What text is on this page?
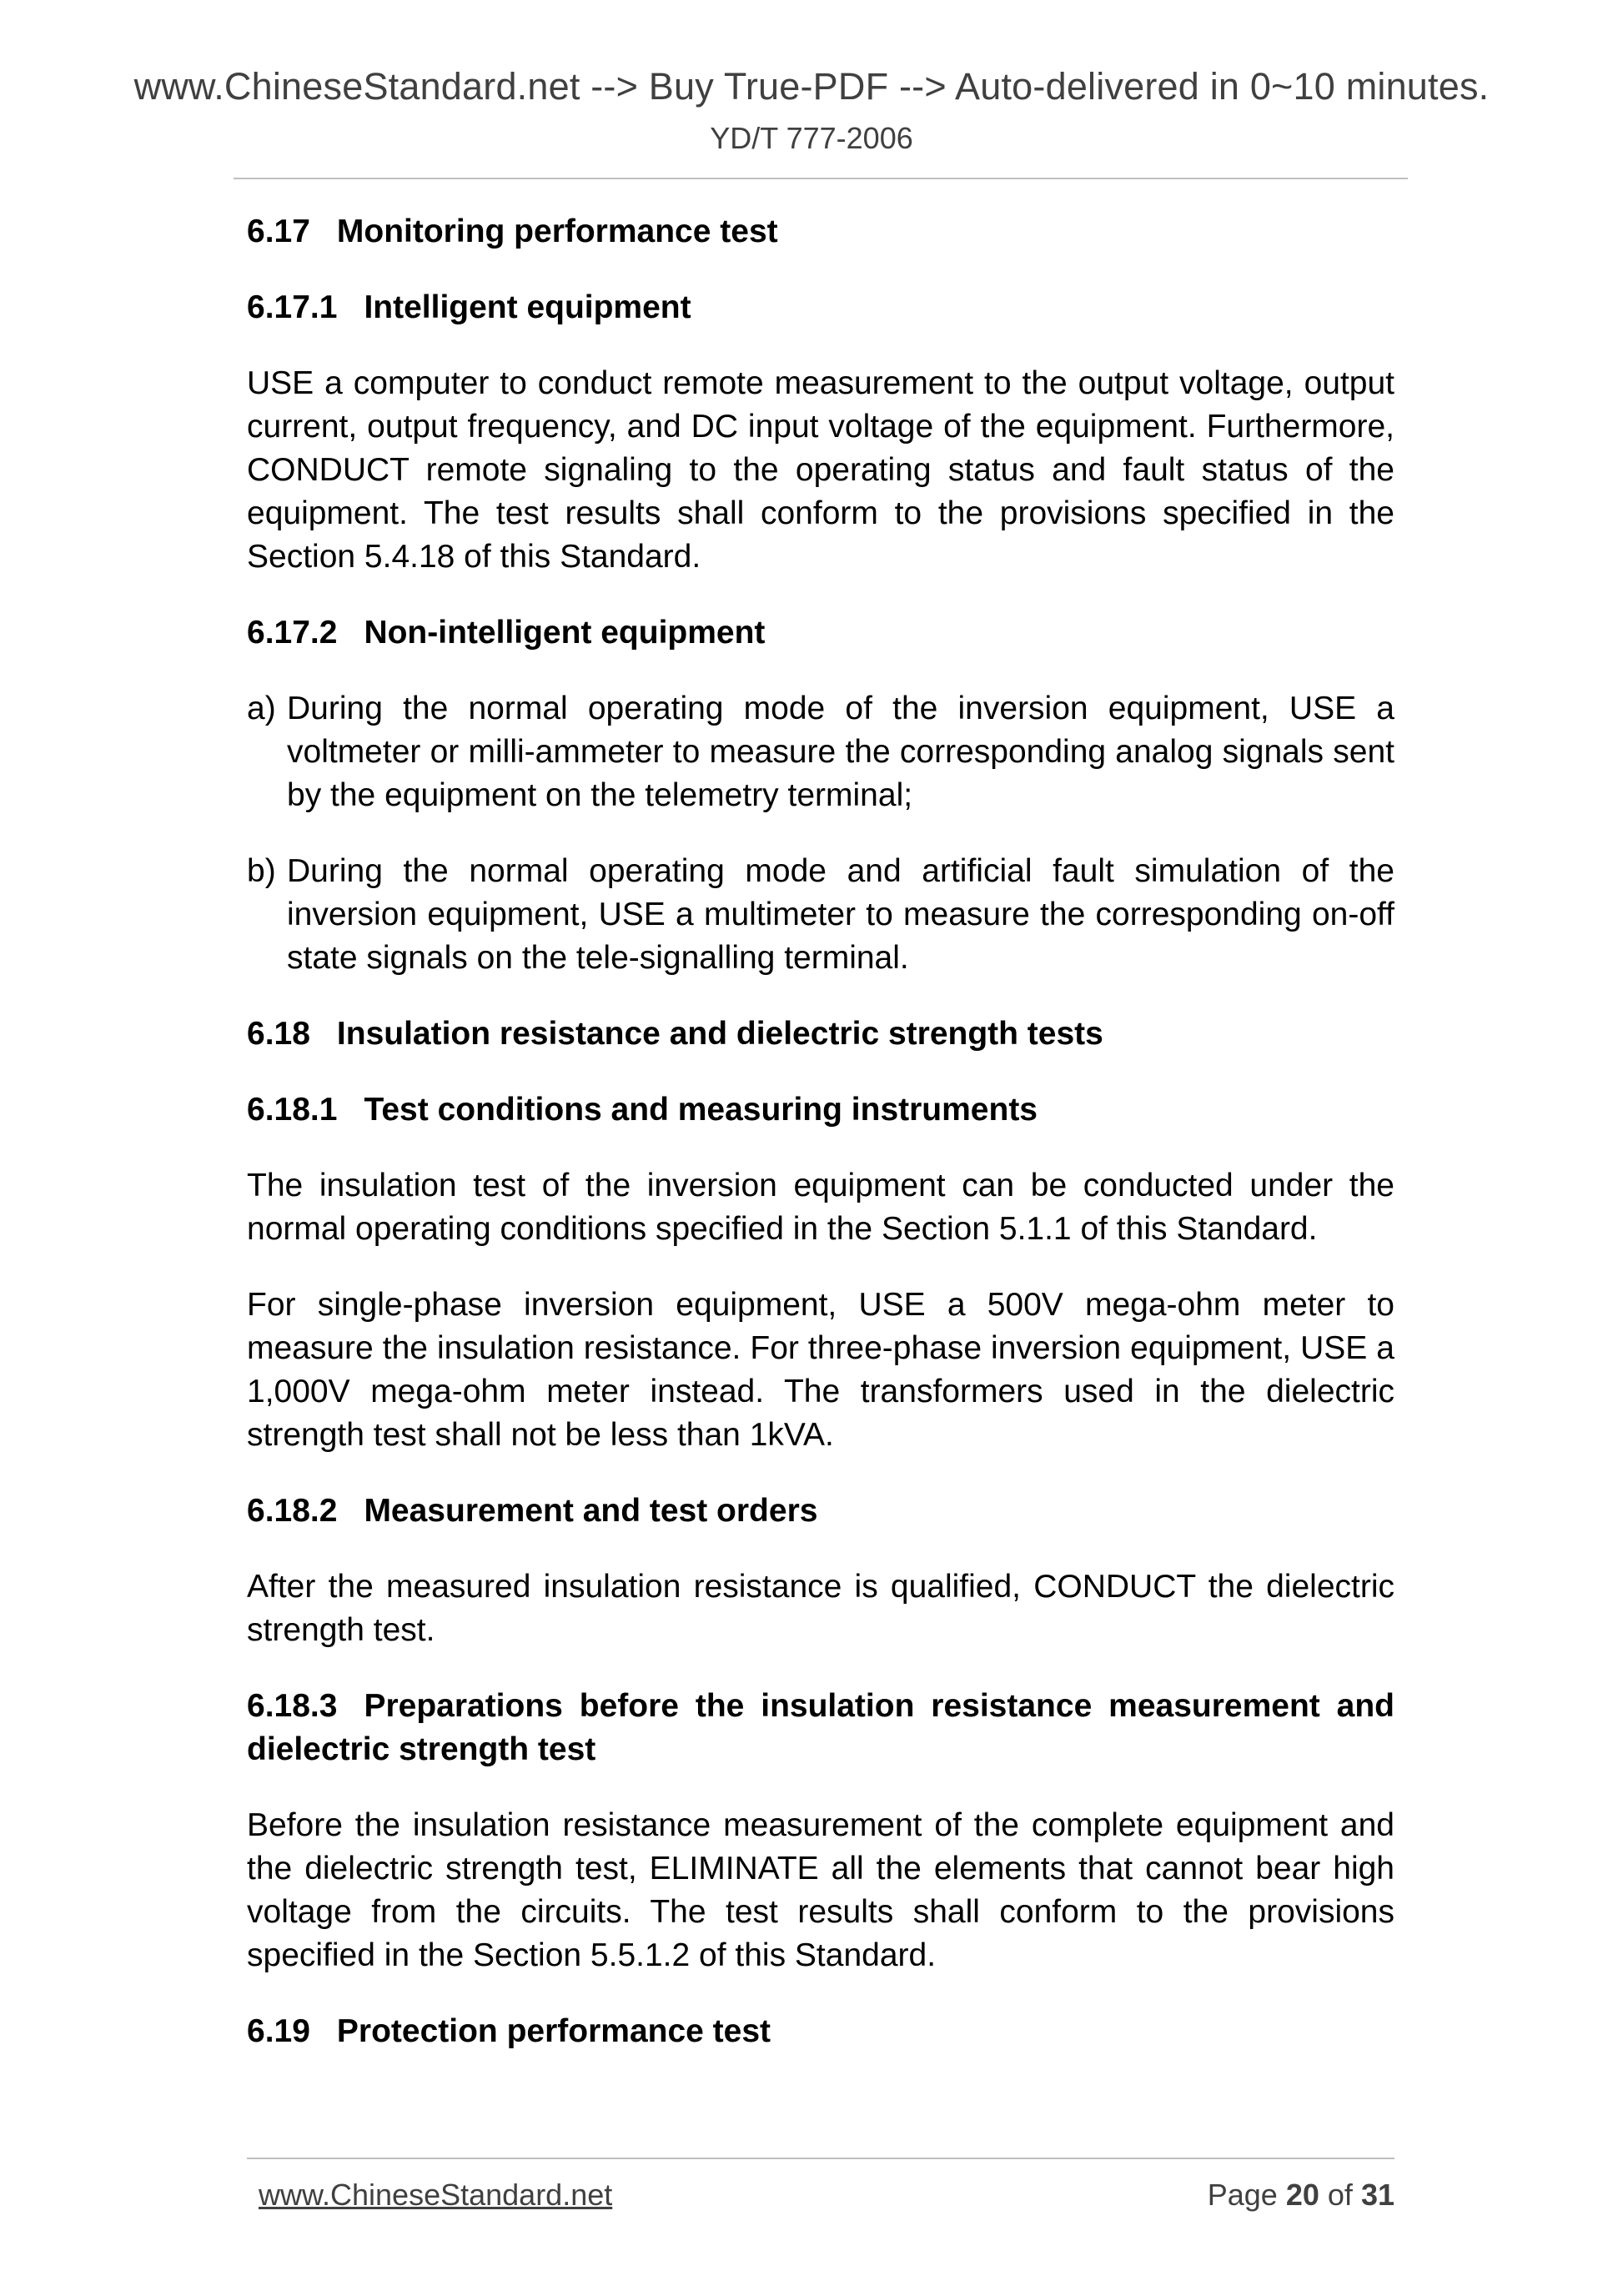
www.ChineseStandard.net --> Buy True-PDF --> Auto-delivered in 0~10 minutes.
YD/T 777-2006
6.17 Monitoring performance test
6.17.1 Intelligent equipment

USE a computer to conduct remote measurement to the output voltage, output current, output frequency, and DC input voltage of the equipment. Furthermore, CONDUCT remote signaling to the operating status and fault status of the equipment. The test results shall conform to the provisions specified in the Section 5.4.18 of this Standard.

6.17.2 Non-intelligent equipment
a) During the normal operating mode of the inversion equipment, USE a voltmeter or milli-ammeter to measure the corresponding analog signals sent by the equipment on the telemetry terminal;
b) During the normal operating mode and artificial fault simulation of the inversion equipment, USE a multimeter to measure the corresponding on-off state signals on the tele-signalling terminal.
6.18 Insulation resistance and dielectric strength tests
6.18.1 Test conditions and measuring instruments

The insulation test of the inversion equipment can be conducted under the normal operating conditions specified in the Section 5.1.1 of this Standard.

For single-phase inversion equipment, USE a 500V mega-ohm meter to measure the insulation resistance. For three-phase inversion equipment, USE a 1,000V mega-ohm meter instead. The transformers used in the dielectric strength test shall not be less than 1kVA.

6.18.2 Measurement and test orders

After the measured insulation resistance is qualified, CONDUCT the dielectric strength test.

6.18.3 Preparations before the insulation resistance measurement and dielectric strength test

Before the insulation resistance measurement of the complete equipment and the dielectric strength test, ELIMINATE all the elements that cannot bear high voltage from the circuits. The test results shall conform to the provisions specified in the Section 5.5.1.2 of this Standard.

6.19 Protection performance test
www.ChineseStandard.net	Page 20 of 31
